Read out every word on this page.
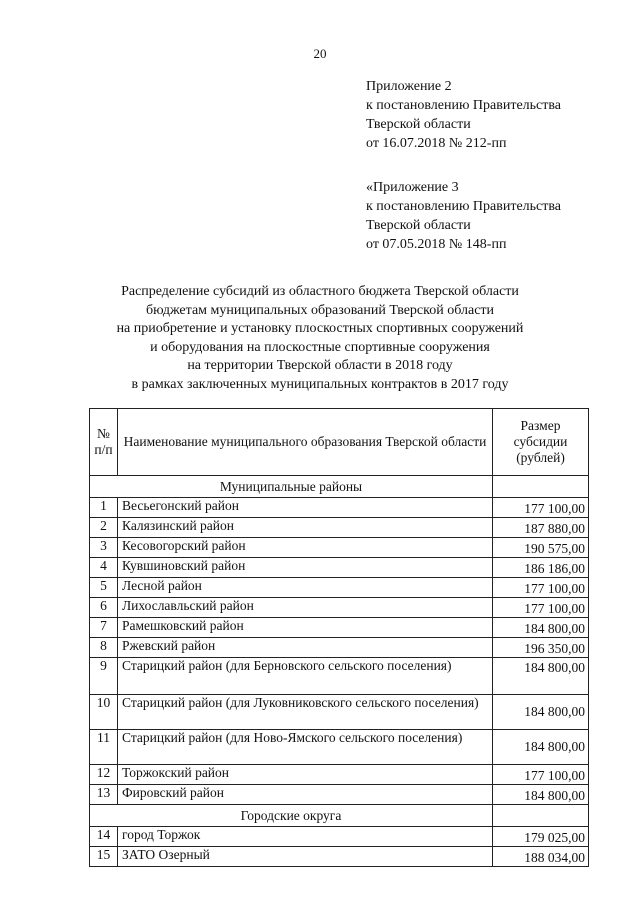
20
Приложение 2
к постановлению Правительства
Тверской области
от 16.07.2018 № 212-пп
«Приложение 3
к постановлению Правительства
Тверской области
от 07.05.2018 № 148-пп
Распределение субсидий из областного бюджета Тверской области
бюджетам муниципальных образований Тверской области
на приобретение и установку плоскостных спортивных сооружений
и оборудования на плоскостные спортивные сооружения
на территории Тверской области в 2018 году
в рамках заключенных муниципальных контрактов в 2017 году
№ п/п	Наименование муниципального образования Тверской области	Размер субсидии (рублей)
Муниципальные районы		
1	Весьегонский район	177 100,00
2	Калязинский район	187 880,00
3	Кесовогорский район	190 575,00
4	Кувшиновский район	186 186,00
5	Лесной район	177 100,00
6	Лихославльский район	177 100,00
7	Рамешковский район	184 800,00
8	Ржевский район	196 350,00
9	Старицкий район (для Берновского сельского поселения)	184 800,00
10	Старицкий район (для Луковниковского сельского поселения)	184 800,00
11	Старицкий район (для Ново-Ямского сельского поселения)	184 800,00
12	Торжокский район	177 100,00
13	Фировский район	184 800,00
Городские округа		
14	город Торжок	179 025,00
15	ЗАТО Озерный	188 034,00
